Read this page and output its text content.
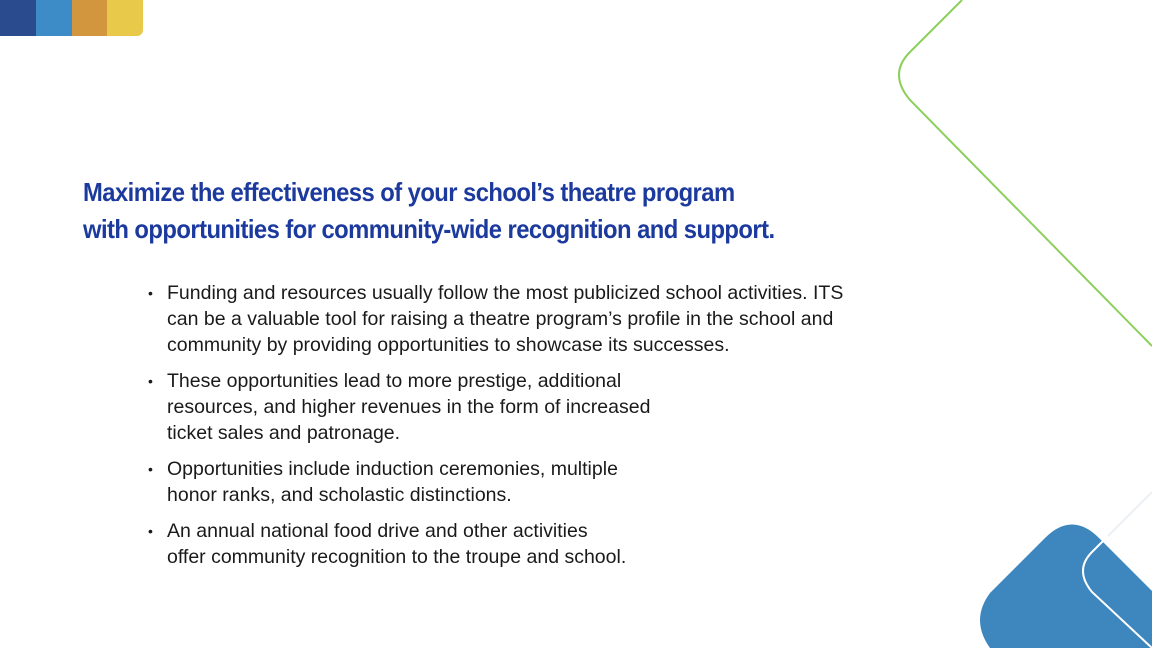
Maximize the effectiveness of your school’s theatre program
with opportunities for community-wide recognition and support.
• Funding and resources usually follow the most publicized school activities. ITS
can be a valuable tool for raising a theatre program’s profile in the school and
community by providing opportunities to showcase its successes.
• These opportunities lead to more prestige, additional
resources, and higher revenues in the form of increased
ticket sales and patronage.
• Opportunities include induction ceremonies, multiple
honor ranks, and scholastic distinctions.
• An annual national food drive and other activities
offer community recognition to the troupe and school.
